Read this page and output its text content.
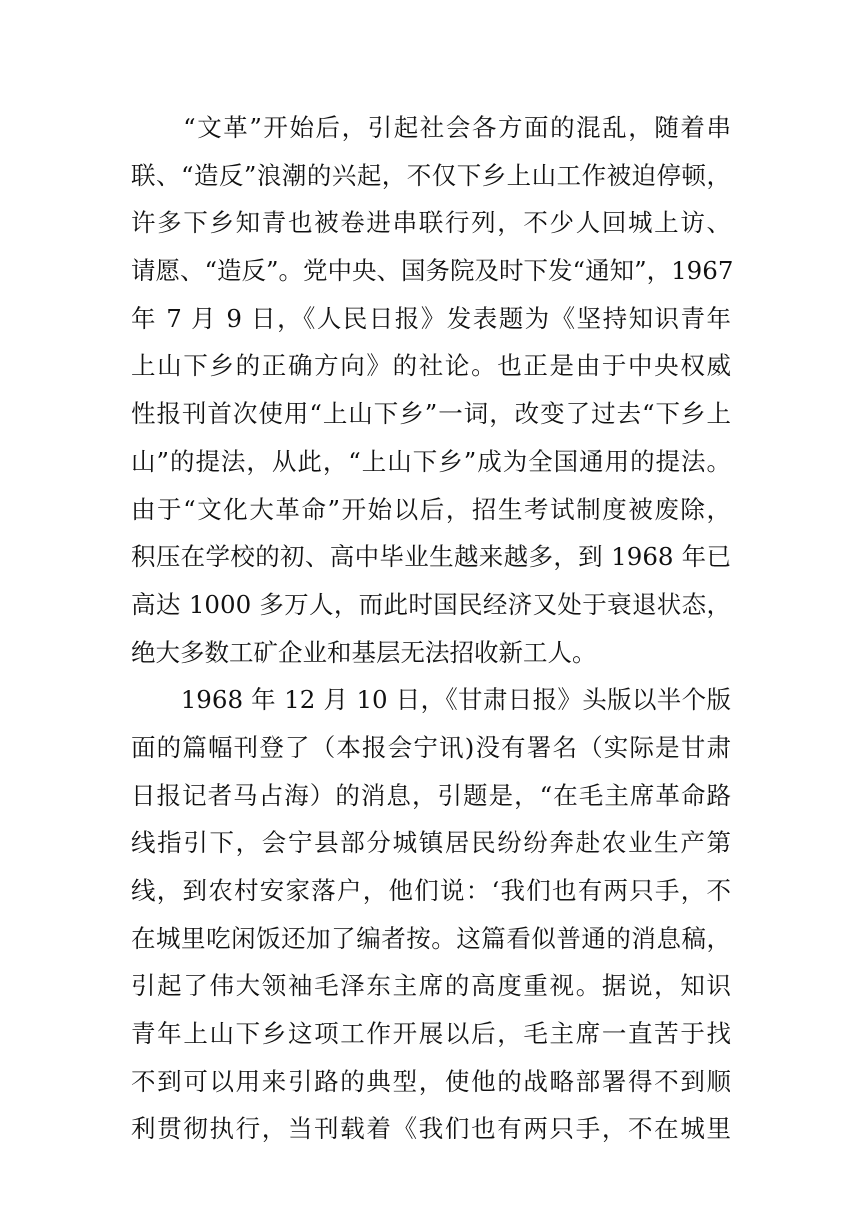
　　“文革”开始后，引起社会各方面的混乱，随着串
联、“造反”浪潮的兴起，不仅下乡上山工作被迫停顿，
许多下乡知青也被卷进串联行列，不少人回城上访、
请愿、“造反”。党中央、国务院及时下发“通知”，1967
年 7 月 9 日，《人民日报》发表题为《坚持知识青年
上山下乡的正确方向》的社论。也正是由于中央权威
性报刊首次使用“上山下乡”一词，改变了过去“下乡上
山”的提法，从此，“上山下乡”成为全国通用的提法。
由于“文化大革命”开始以后，招生考试制度被废除，
积压在学校的初、高中毕业生越来越多，到 1968 年已
高达 1000 多万人，而此时国民经济又处于衰退状态，
绝大多数工矿企业和基层无法招收新工人。

　　1968 年 12 月 10 日，《甘肃日报》头版以半个版
面的篇幅刊登了（本报会宁讯)没有署名（实际是甘肃
日报记者马占海）的消息，引题是，“在毛主席革命路
线指引下，会宁县部分城镇居民纷纷奔赴农业生产第
线，到农村安家落户，他们说：‘我们也有两只手，不
在城里吃闲饭还加了编者按。这篇看似普通的消息稿，
引起了伟大领袖毛泽东主席的高度重视。据说，知识
青年上山下乡这项工作开展以后，毛主席一直苦于找
不到可以用来引路的典型，使他的战略部署得不到顺
利贯彻执行，当刊载着《我们也有两只手，不在城里
